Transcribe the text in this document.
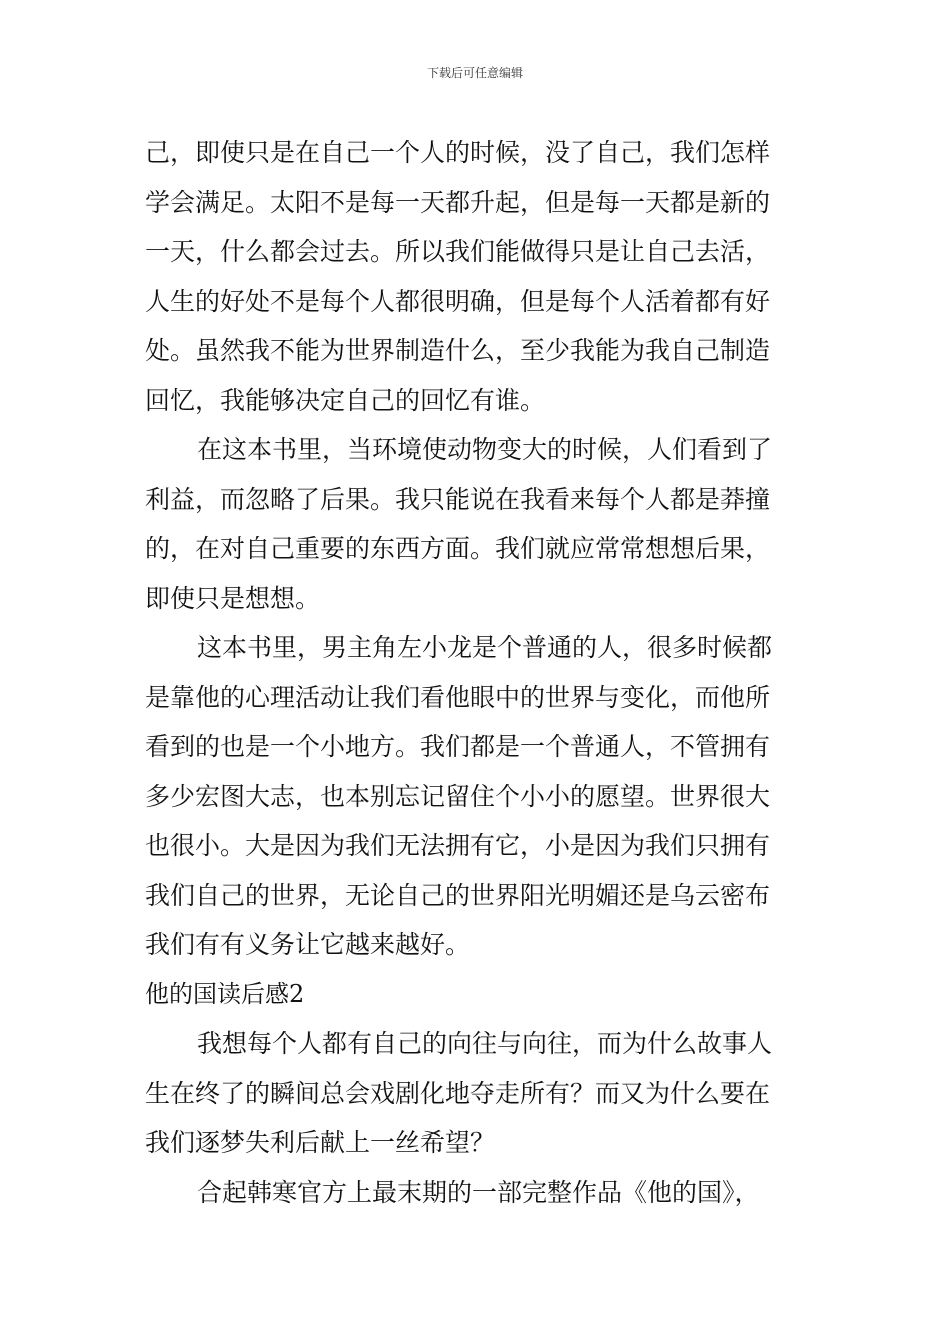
下载后可任意编辑
己，即使只是在自己一个人的时候，没了自己，我们怎样
学会满足。太阳不是每一天都升起，但是每一天都是新的
一天，什么都会过去。所以我们能做得只是让自己去活，
人生的好处不是每个人都很明确，但是每个人活着都有好
处。虽然我不能为世界制造什么，至少我能为我自己制造
回忆，我能够决定自己的回忆有谁。
在这本书里，当环境使动物变大的时候，人们看到了
利益，而忽略了后果。我只能说在我看来每个人都是莽撞
的，在对自己重要的东西方面。我们就应常常想想后果，
即使只是想想。
这本书里，男主角左小龙是个普通的人，很多时候都
是靠他的心理活动让我们看他眼中的世界与变化，而他所
看到的也是一个小地方。我们都是一个普通人，不管拥有
多少宏图大志，也本别忘记留住个小小的愿望。世界很大
也很小。大是因为我们无法拥有它，小是因为我们只拥有
我们自己的世界，无论自己的世界阳光明媚还是乌云密布
我们有有义务让它越来越好。
他的国读后感2
我想每个人都有自己的向往与向往，而为什么故事人
生在终了的瞬间总会戏剧化地夺走所有？而又为什么要在
我们逐梦失利后献上一丝希望？
合起韩寒官方上最末期的一部完整作品《他的国》，
